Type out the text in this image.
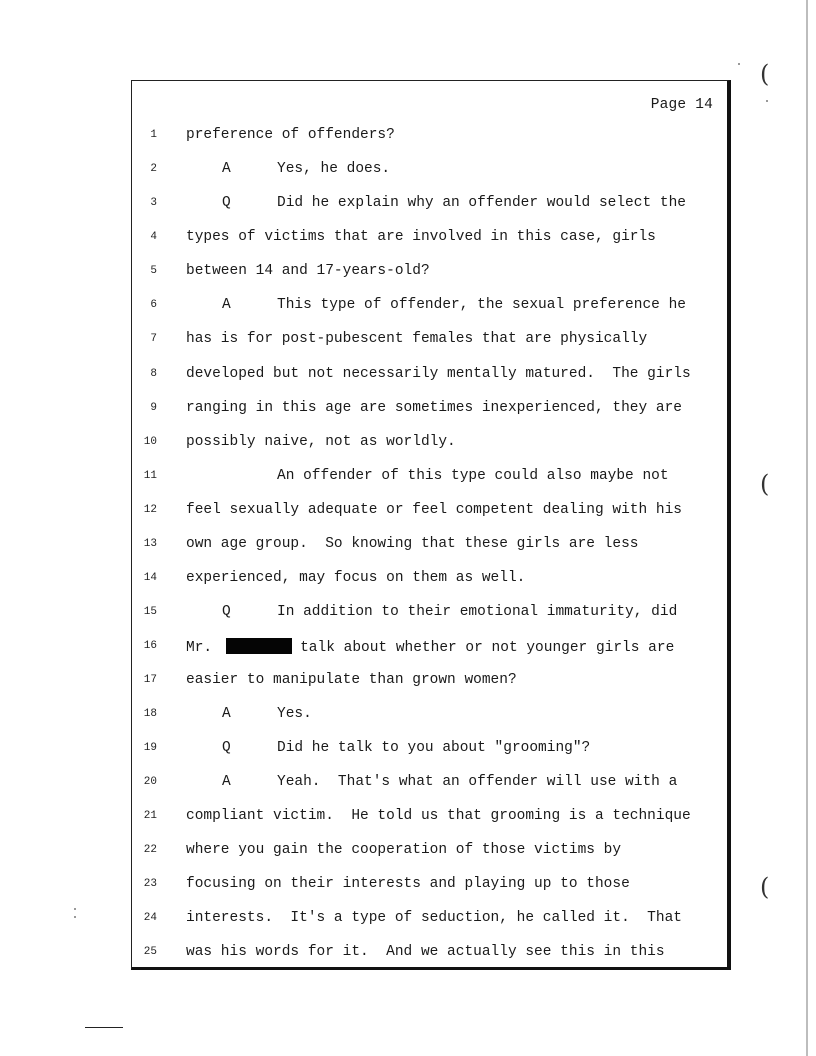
(
(
(
Page 14
1 preference of offenders?
2	A	Yes, he does.
3	Q	Did he explain why an offender would select the
4 types of victims that are involved in this case, girls
5 between 14 and 17-years-old?
6	A	This type of offender, the sexual preference he
7 has is for post-pubescent females that are physically
8 developed but not necessarily mentally matured.  The girls
9 ranging in this age are sometimes inexperienced, they are
10 possibly naive, not as worldly.
11	An offender of this type could also maybe not
12 feel sexually adequate or feel competent dealing with his
13 own age group.  So knowing that these girls are less
14 experienced, may focus on them as well.
15	Q	In addition to their emotional immaturity, did
16 Mr.	talk about whether or not younger girls are
17 easier to manipulate than grown women?
18	A	Yes.
19	Q	Did he talk to you about "grooming"?
20	A	Yeah.  That's what an offender will use with a
21 compliant victim.  He told us that grooming is a technique
22 where you gain the cooperation of those victims by
23 focusing on their interests and playing up to those
24 interests.  It's a type of seduction, he called it.  That
25 was his words for it.  And we actually see this in this
